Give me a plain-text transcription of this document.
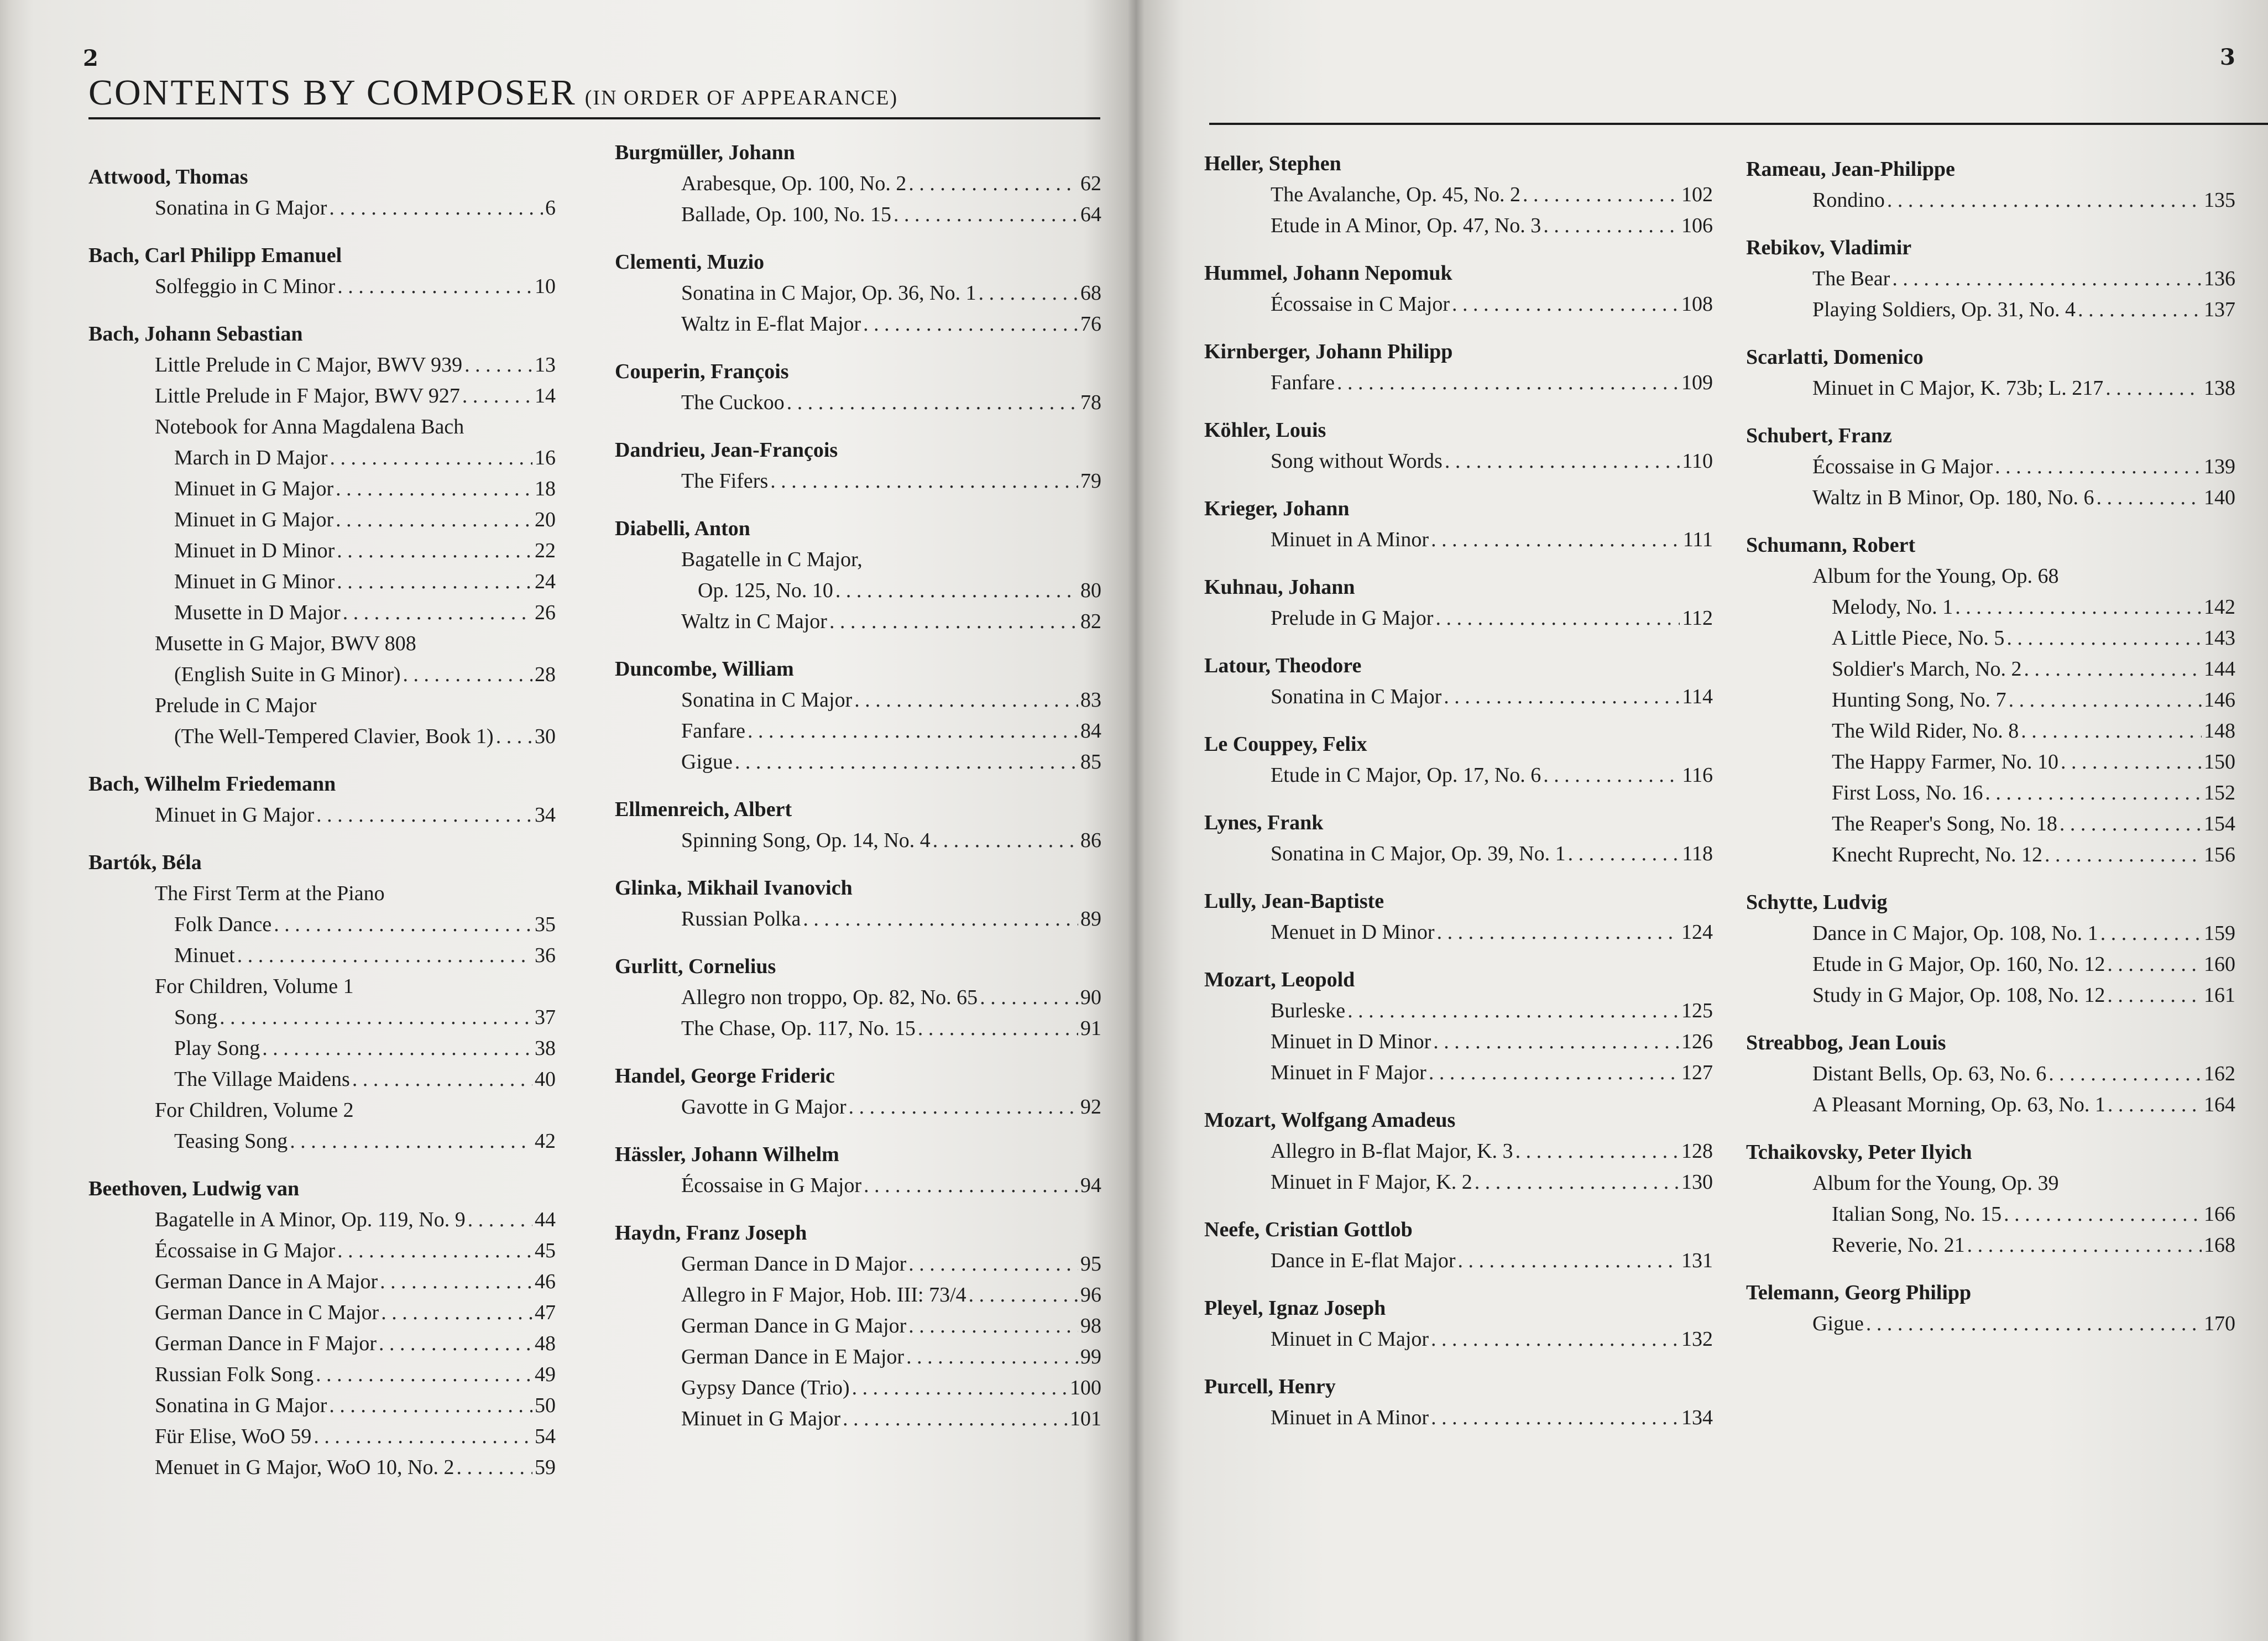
2
CONTENTS BY COMPOSER (IN ORDER OF APPEARANCE)
Attwood, Thomas
Sonatina in G Major . . .	6
Bach, Carl Philipp Emanuel
Solfeggio in C Minor . . .	10
Bach, Johann Sebastian
Little Prelude in C Major, BWV 939 . . .	13
Little Prelude in F Major, BWV 927 . . .	14
Notebook for Anna Magdalena Bach
March in D Major . . .	16
Minuet in G Major . . .	18
Minuet in G Major . . .	20
Minuet in D Minor . . .	22
Minuet in G Minor . . .	24
Musette in D Major . . .	26
Musette in G Major, BWV 808
(English Suite in G Minor) . . .	28
Prelude in C Major
(The Well-Tempered Clavier, Book 1) . . . 30
Bach, Wilhelm Friedemann
Minuet in G Major . . .	34
Bartók, Béla
The First Term at the Piano
Folk Dance . . .	35
Minuet . . .	36
For Children, Volume 1
Song . . .	37
Play Song . . .	38
The Village Maidens . . .	40
For Children, Volume 2
Teasing Song . . .	42
Beethoven, Ludwig van
Bagatelle in A Minor, Op. 119, No. 9 . . .	44
Écossaise in G Major . . .	45
German Dance in A Major . . .	46
German Dance in C Major . . .	47
German Dance in F Major . . .	48
Russian Folk Song . . .	49
Sonatina in G Major . . .	50
Für Elise, WoO 59 . . .	54
Menuet in G Major, WoO 10, No. 2 . . .	59
Burgmüller, Johann
Arabesque, Op. 100, No. 2 . . .	62
Ballade, Op. 100, No. 15 . . .	64
Clementi, Muzio
Sonatina in C Major, Op. 36, No. 1 . . .	68
Waltz in E-flat Major . . .	76
Couperin, François
The Cuckoo . . .	78
Dandrieu, Jean-François
The Fifers . . .	79
Diabelli, Anton
Bagatelle in C Major,
Op. 125, No. 10 . . .	80
Waltz in C Major . . .	82
Duncombe, William
Sonatina in C Major . . .	83
Fanfare . . .	84
Gigue . . .	85
Ellmenreich, Albert
Spinning Song, Op. 14, No. 4 . . .	86
Glinka, Mikhail Ivanovich
Russian Polka . . .	89
Gurlitt, Cornelius
Allegro non troppo, Op. 82, No. 65 . . .	90
The Chase, Op. 117, No. 15 . . .	91
Handel, George Frideric
Gavotte in G Major . . .	92
Hässler, Johann Wilhelm
Écossaise in G Major . . .	94
Haydn, Franz Joseph
German Dance in D Major . . .	95
Allegro in F Major, Hob. III: 73/4 . . .	96
German Dance in G Major . . .	98
German Dance in E Major . . .	99
Gypsy Dance (Trio) . . .	100
Minuet in G Major . . .	101
3
Heller, Stephen
The Avalanche, Op. 45, No. 2 . . .	102
Etude in A Minor, Op. 47, No. 3 . . .	106
Hummel, Johann Nepomuk
Écossaise in C Major . . .	108
Kirnberger, Johann Philipp
Fanfare . . .	109
Köhler, Louis
Song without Words . . .	110
Krieger, Johann
Minuet in A Minor . . .	111
Kuhnau, Johann
Prelude in G Major . . .	112
Latour, Theodore
Sonatina in C Major . . .	114
Le Couppey, Felix
Etude in C Major, Op. 17, No. 6 . . .	116
Lynes, Frank
Sonatina in C Major, Op. 39, No. 1 . . .	118
Lully, Jean-Baptiste
Menuet in D Minor . . .	124
Mozart, Leopold
Burleske . . .	125
Minuet in D Minor . . .	126
Minuet in F Major . . .	127
Mozart, Wolfgang Amadeus
Allegro in B-flat Major, K. 3 . . .	128
Minuet in F Major, K. 2 . . .	130
Neefe, Cristian Gottlob
Dance in E-flat Major . . .	131
Pleyel, Ignaz Joseph
Minuet in C Major . . .	132
Purcell, Henry
Minuet in A Minor . . .	134
Rameau, Jean-Philippe
Rondino . . .	135
Rebikov, Vladimir
The Bear . . .	136
Playing Soldiers, Op. 31, No. 4 . . .	137
Scarlatti, Domenico
Minuet in C Major, K. 73b; L. 217 . . .	138
Schubert, Franz
Écossaise in G Major . . .	139
Waltz in B Minor, Op. 180, No. 6 . . .	140
Schumann, Robert
Album for the Young, Op. 68
Melody, No. 1 . . .	142
A Little Piece, No. 5 . . .	143
Soldier's March, No. 2 . . .	144
Hunting Song, No. 7 . . .	146
The Wild Rider, No. 8 . . .	148
The Happy Farmer, No. 10 . . .	150
First Loss, No. 16 . . .	152
The Reaper's Song, No. 18 . . .	154
Knecht Ruprecht, No. 12 . . .	156
Schytte, Ludvig
Dance in C Major, Op. 108, No. 1 . . .	159
Etude in G Major, Op. 160, No. 12 . . .	160
Study in G Major, Op. 108, No. 12 . . .	161
Streabbog, Jean Louis
Distant Bells, Op. 63, No. 6 . . .	162
A Pleasant Morning, Op. 63, No. 1 . . .	164
Tchaikovsky, Peter Ilyich
Album for the Young, Op. 39
Italian Song, No. 15 . . .	166
Reverie, No. 21 . . .	168
Telemann, Georg Philipp
Gigue . . .	170
